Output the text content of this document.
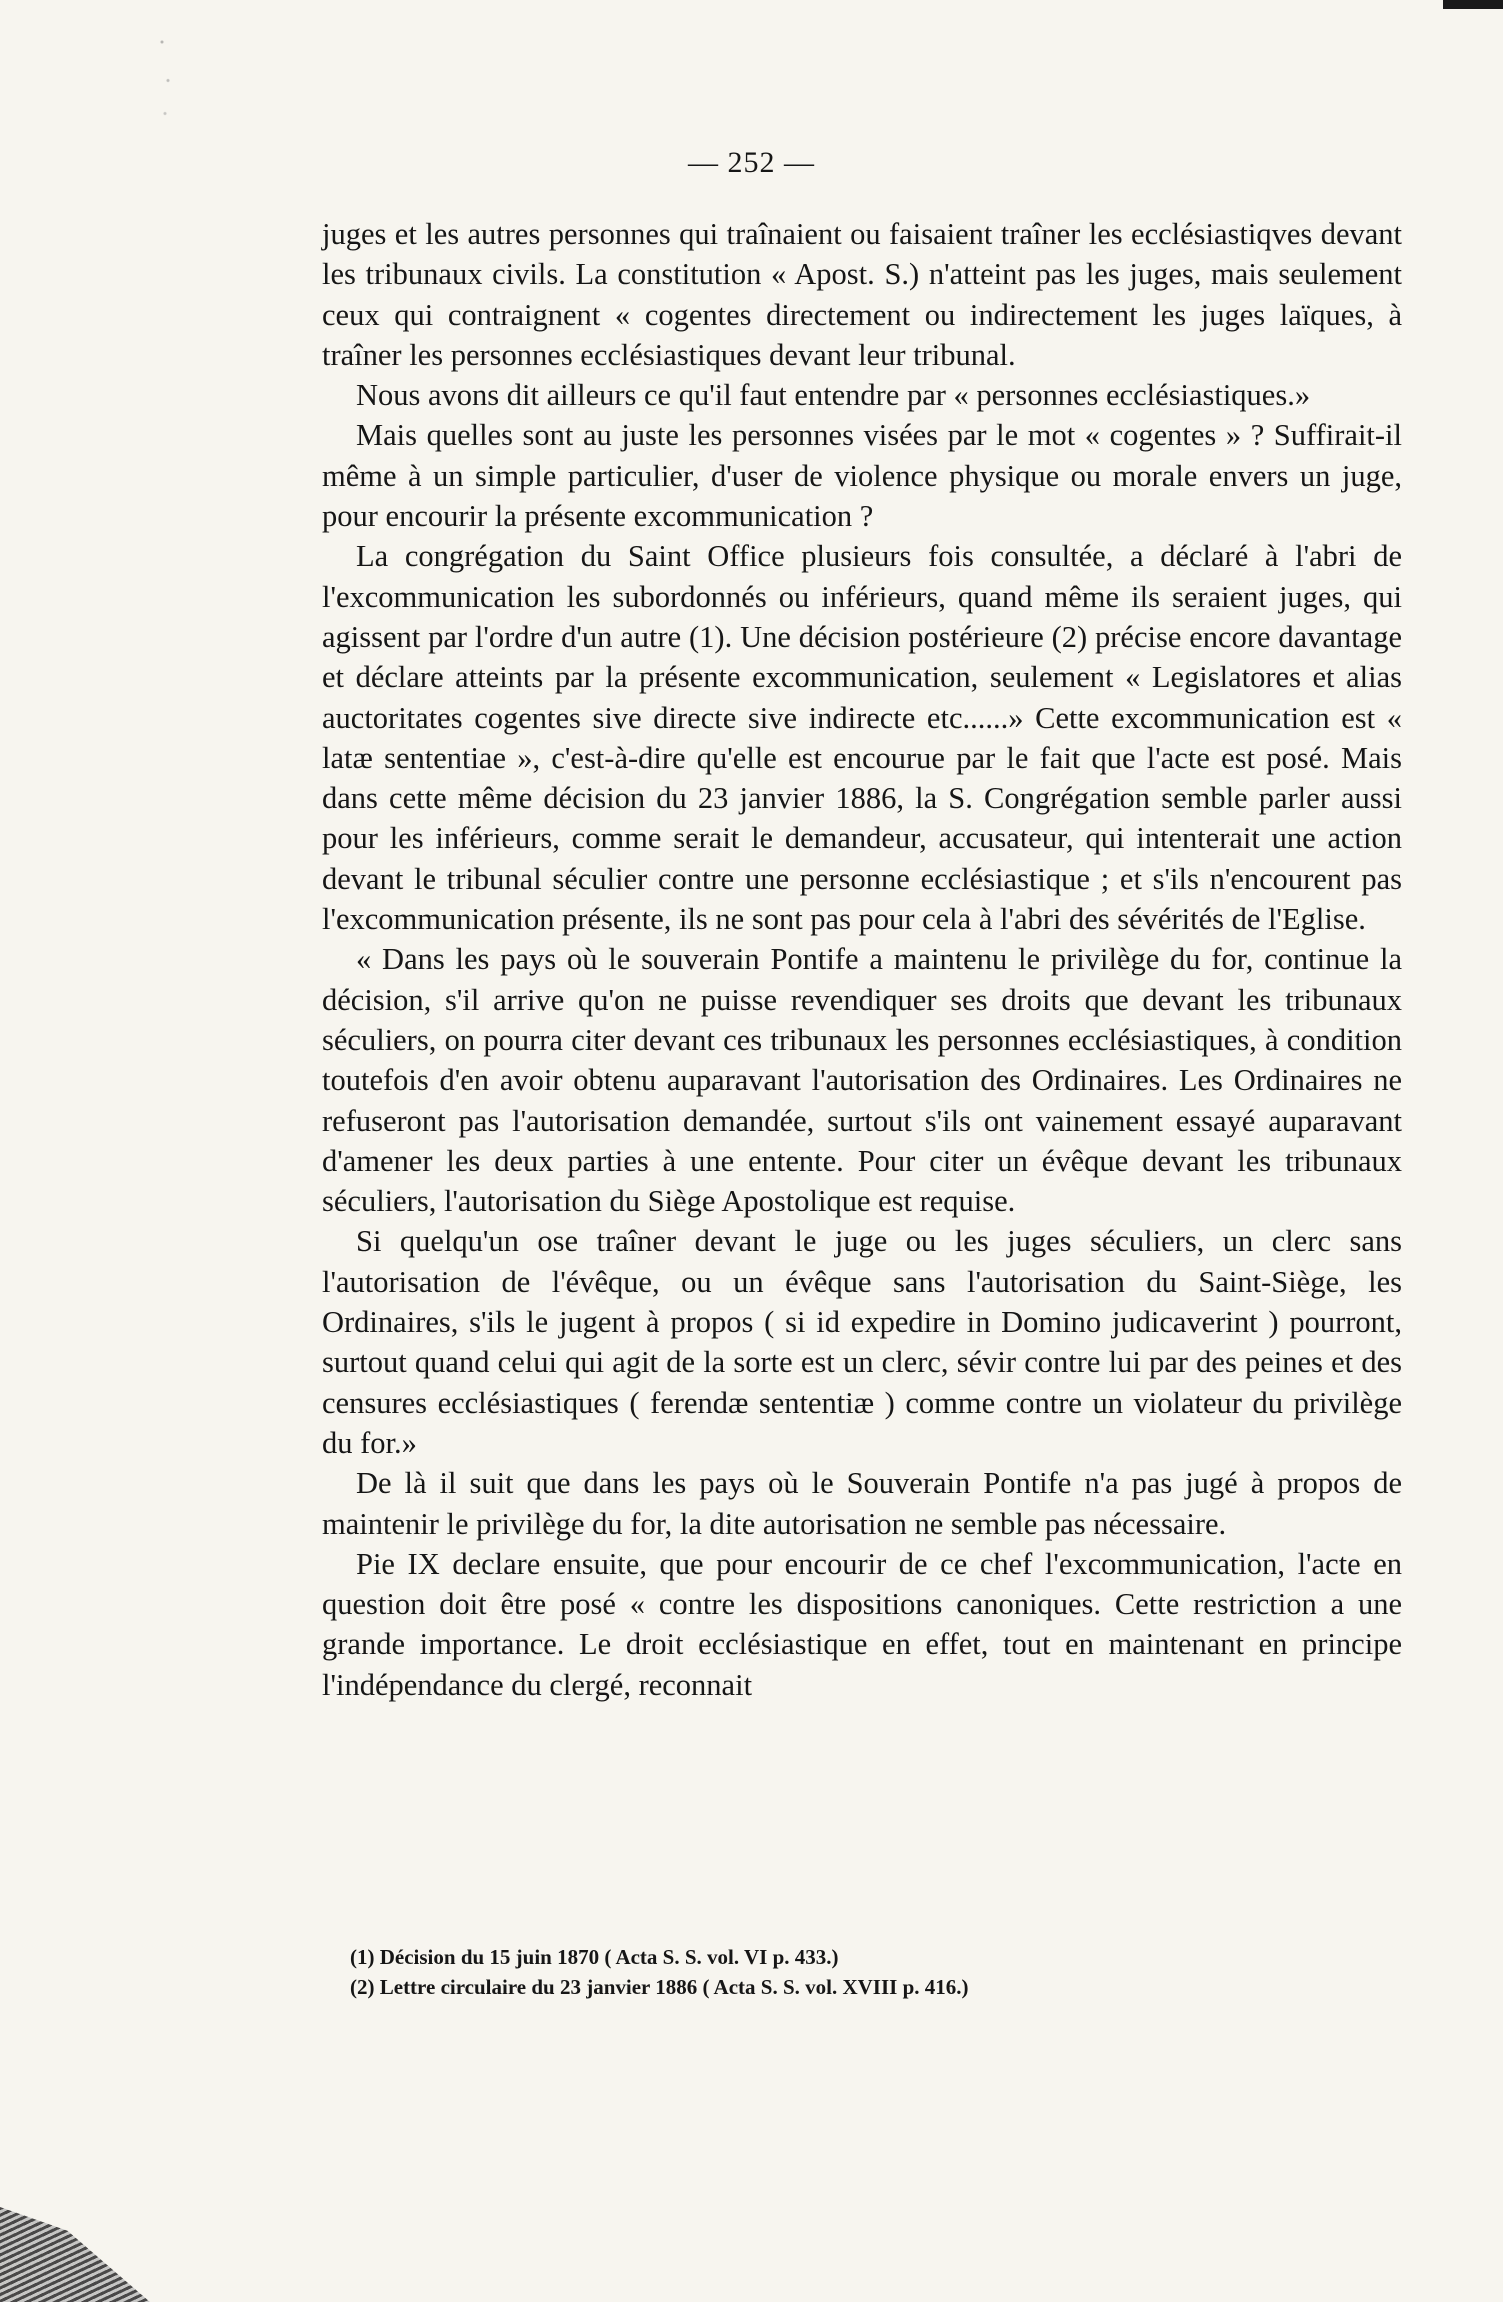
— 252 —

juges et les autres personnes qui traînaient ou faisaient traîner les ecclésiastiqves devant les tribunaux civils. La constitution « Apost. S.) n'atteint pas les juges, mais seulement ceux qui contraignent « cogentes directement ou indirectement les juges laïques, à traîner les personnes ecclésiastiques devant leur tribunal.

Nous avons dit ailleurs ce qu'il faut entendre par « personnes ecclésiastiques.»

Mais quelles sont au juste les personnes visées par le mot « cogentes » ? Suffirait-il même à un simple particulier, d'user de violence physique ou morale envers un juge, pour encourir la présente excommunication ?

La congrégation du Saint Office plusieurs fois consultée, a déclaré à l'abri de l'excommunication les subordonnés ou inférieurs, quand même ils seraient juges, qui agissent par l'ordre d'un autre (1). Une décision postérieure (2) précise encore davantage et déclare atteints par la présente excommunication, seulement « Legislatores et alias auctoritates cogentes sive directe sive indirecte etc......» Cette excommunication est « latæ sententiae », c'est-à-dire qu'elle est encourue par le fait que l'acte est posé. Mais dans cette même décision du 23 janvier 1886, la S. Congrégation semble parler aussi pour les inférieurs, comme serait le demandeur, accusateur, qui intenterait une action devant le tribunal séculier contre une personne ecclésiastique ; et s'ils n'encourent pas l'excommunication présente, ils ne sont pas pour cela à l'abri des sévérités de l'Eglise.

« Dans les pays où le souverain Pontife a maintenu le privilège du for, continue la décision, s'il arrive qu'on ne puisse revendiquer ses droits que devant les tribunaux séculiers, on pourra citer devant ces tribunaux les personnes ecclésiastiques, à condition toutefois d'en avoir obtenu auparavant l'autorisation des Ordinaires. Les Ordinaires ne refuseront pas l'autorisation demandée, surtout s'ils ont vainement essayé auparavant d'amener les deux parties à une entente. Pour citer un évêque devant les tribunaux séculiers, l'autorisation du Siège Apostolique est requise.

Si quelqu'un ose traîner devant le juge ou les juges séculiers, un clerc sans l'autorisation de l'évêque, ou un évêque sans l'autorisation du Saint-Siège, les Ordinaires, s'ils le jugent à propos ( si id expedire in Domino judicaverint ) pourront, surtout quand celui qui agit de la sorte est un clerc, sévir contre lui par des peines et des censures ecclésiastiques ( ferendæ sententiæ ) comme contre un violateur du privilège du for.»

De là il suit que dans les pays où le Souverain Pontife n'a pas jugé à propos de maintenir le privilège du for, la dite autorisation ne semble pas nécessaire.

Pie IX declare ensuite, que pour encourir de ce chef l'excommunication, l'acte en question doit être posé « contre les dispositions canoniques. Cette restriction a une grande importance. Le droit ecclésiastique en effet, tout en maintenant en principe l'indépendance du clergé, reconnait

(1) Décision du 15 juin 1870 ( Acta S. S. vol. VI p. 433.)

(2) Lettre circulaire du 23 janvier 1886 ( Acta S. S. vol. XVIII p. 416.)
